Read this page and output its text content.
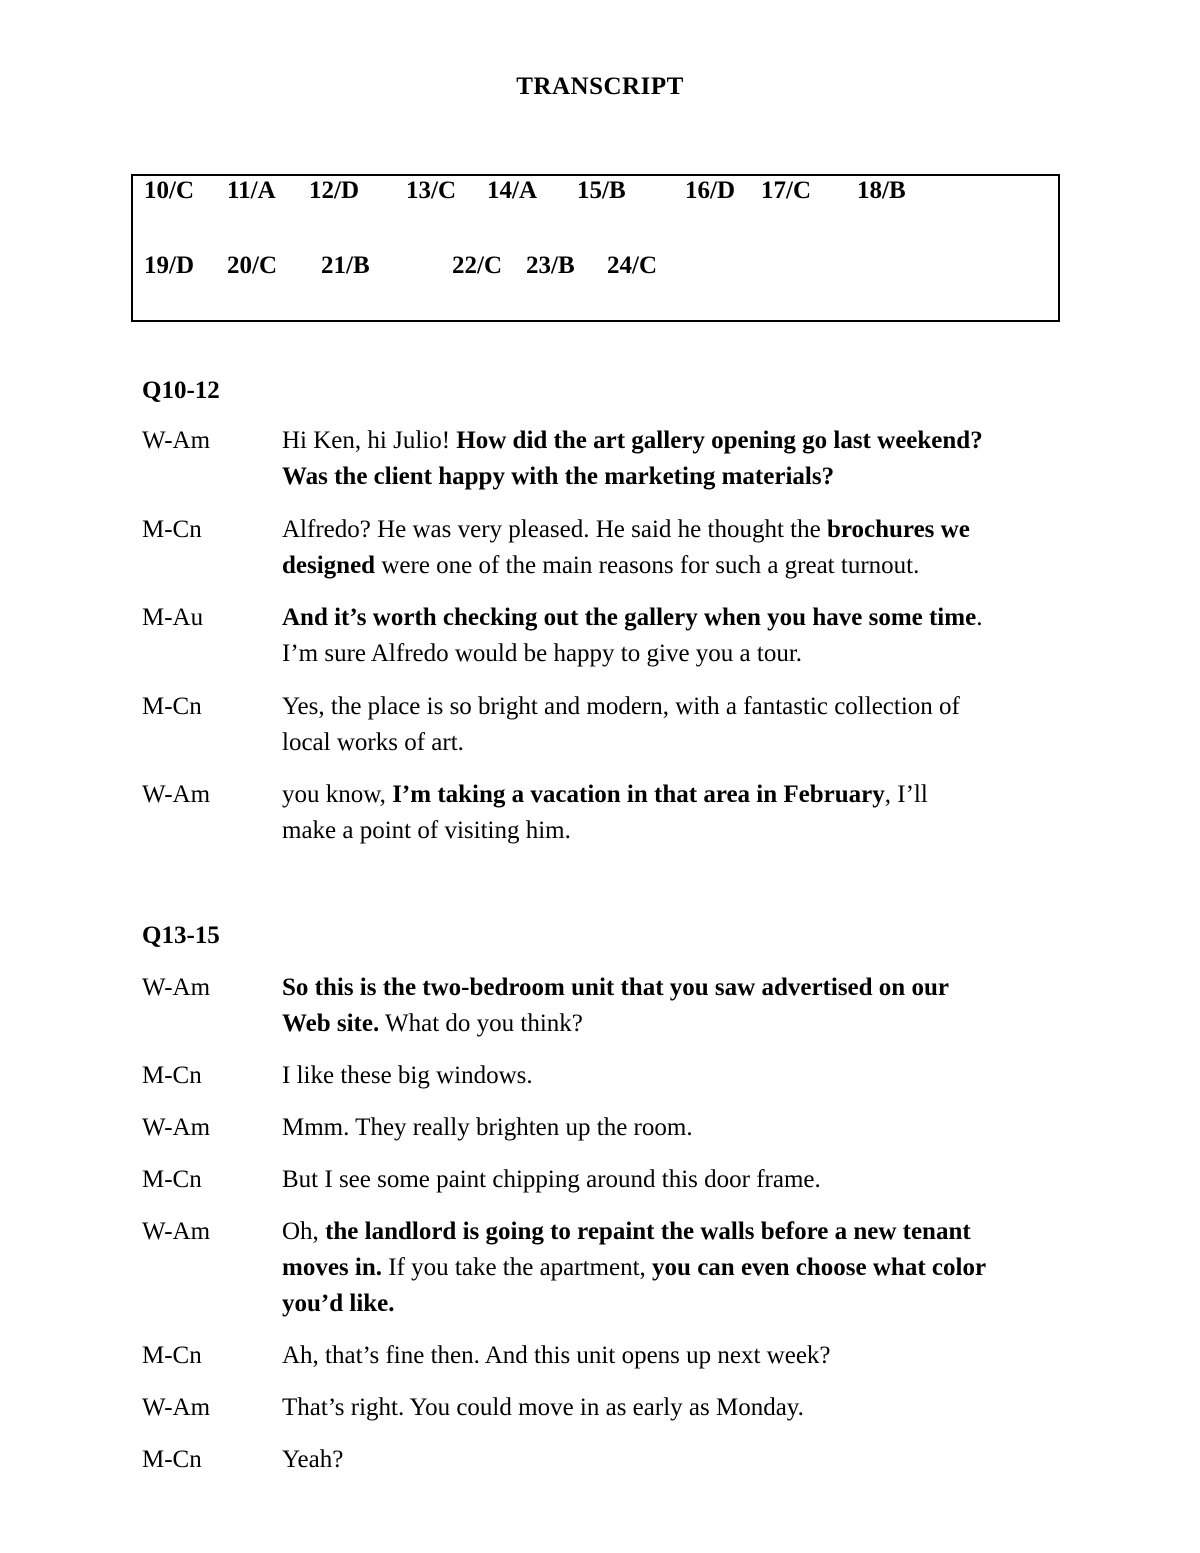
TRANSCRIPT
10/C 11/A 12/D 13/C 14/A 15/B 16/D 17/C 18/B
19/D 20/C 21/B	22/C 23/B 24/C
Q10-12
W-Am	Hi Ken, hi Julio! How did the art gallery opening go last weekend?
Was the client happy with the marketing materials?
M-Cn	Alfredo? He was very pleased. He said he thought the brochures we
designed were one of the main reasons for such a great turnout.
M-Au	And it’s worth checking out the gallery when you have some time.
I’m sure Alfredo would be happy to give you a tour.
M-Cn	Yes, the place is so bright and modern, with a fantastic collection of
local works of art.
W-Am	you know, I’m taking a vacation in that area in February, I’ll
make a point of visiting him.
Q13-15
W-Am	So this is the two-bedroom unit that you saw advertised on our
Web site. What do you think?
M-Cn	I like these big windows.
W-Am	Mmm. They really brighten up the room.
M-Cn	But I see some paint chipping around this door frame.
W-Am	Oh, the landlord is going to repaint the walls before a new tenant
moves in. If you take the apartment, you can even choose what color
you’d like.
M-Cn	Ah, that’s fine then. And this unit opens up next week?
W-Am	That’s right. You could move in as early as Monday.
M-Cn	Yeah?
